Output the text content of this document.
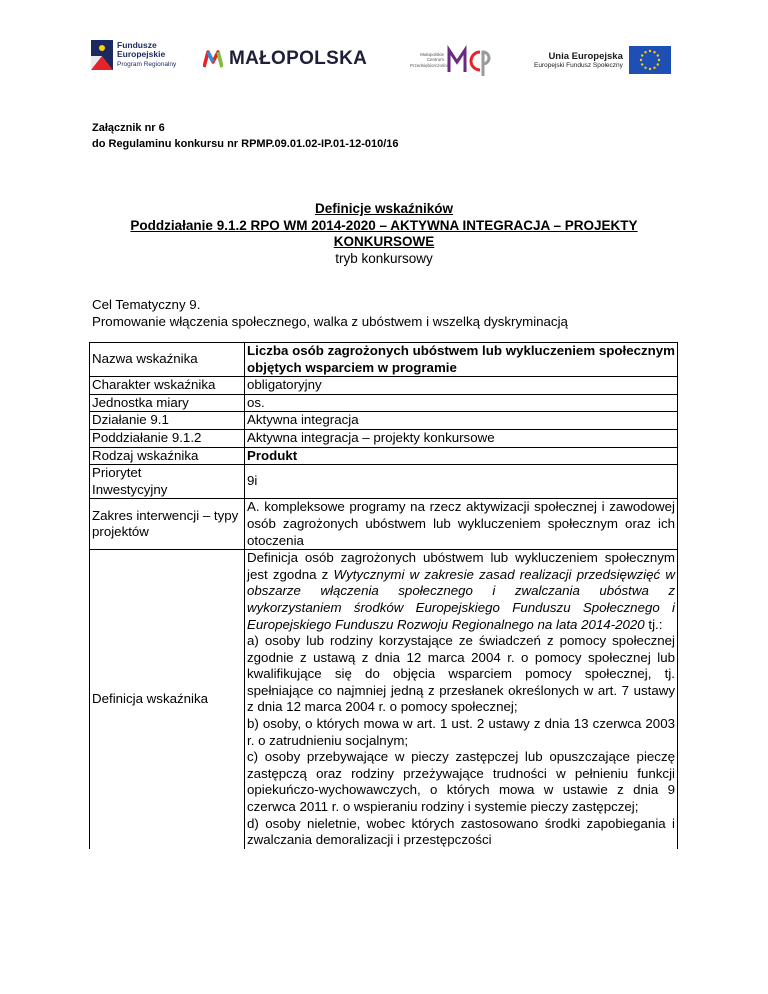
Fundusze
Europejskie
Program Regionalny	MAŁOPOLSKA	Małopolskie
Centrum
Przedsiębiorczości
Unia Europejska
Europejski Fundusz Społeczny
Załącznik nr 6
do Regulaminu konkursu nr RPMP.09.01.02-IP.01-12-010/16
Definicje wskaźników
Poddziałanie 9.1.2 RPO WM 2014-2020 – AKTYWNA INTEGRACJA – PROJEKTY
KONKURSOWE
tryb konkursowy
Cel Tematyczny 9.
Promowanie włączenia społecznego, walka z ubóstwem i wszelką dyskryminacją
Nazwa wskaźnika	Liczba osób zagrożonych ubóstwem lub wykluczeniem społecznym objętych wsparciem w programie
Charakter wskaźnika	obligatoryjny
Jednostka miary	os.
Działanie 9.1	Aktywna integracja
Poddziałanie 9.1.2	Aktywna integracja – projekty konkursowe
Rodzaj wskaźnika	Produkt

Priorytet
Inwestycyjny	9i
Zakres interwencji – typy projektów	A. kompleksowe programy na rzecz aktywizacji społecznej i zawodowej osób zagrożonych ubóstwem lub wykluczeniem społecznym oraz ich otoczenia
Definicja wskaźnika	Definicja osób zagrożonych ubóstwem lub wykluczeniem społecznym jest zgodna z Wytycznymi w zakresie zasad realizacji przedsięwzięć w obszarze włączenia społecznego i zwalczania ubóstwa z wykorzystaniem środków Europejskiego Funduszu Społecznego i Europejskiego Funduszu Rozwoju Regionalnego na lata 2014-2020 tj.:
a) osoby lub rodziny korzystające ze świadczeń z pomocy społecznej zgodnie z ustawą z dnia 12 marca 2004 r. o pomocy społecznej lub kwalifikujące się do objęcia wsparciem pomocy społecznej, tj. spełniające co najmniej jedną z przesłanek określonych w art. 7 ustawy z dnia 12 marca 2004 r. o pomocy społecznej;
b) osoby, o których mowa w art. 1 ust. 2 ustawy z dnia 13 czerwca 2003 r. o zatrudnieniu socjalnym;
c) osoby przebywające w pieczy zastępczej lub opuszczające pieczę zastępczą oraz rodziny przeżywające trudności w pełnieniu funkcji opiekuńczo-wychowawczych, o których mowa w ustawie z dnia 9 czerwca 2011 r. o wspieraniu rodziny i systemie pieczy zastępczej;
d) osoby nieletnie, wobec których zastosowano środki zapobiegania i zwalczania demoralizacji i przestępczości
